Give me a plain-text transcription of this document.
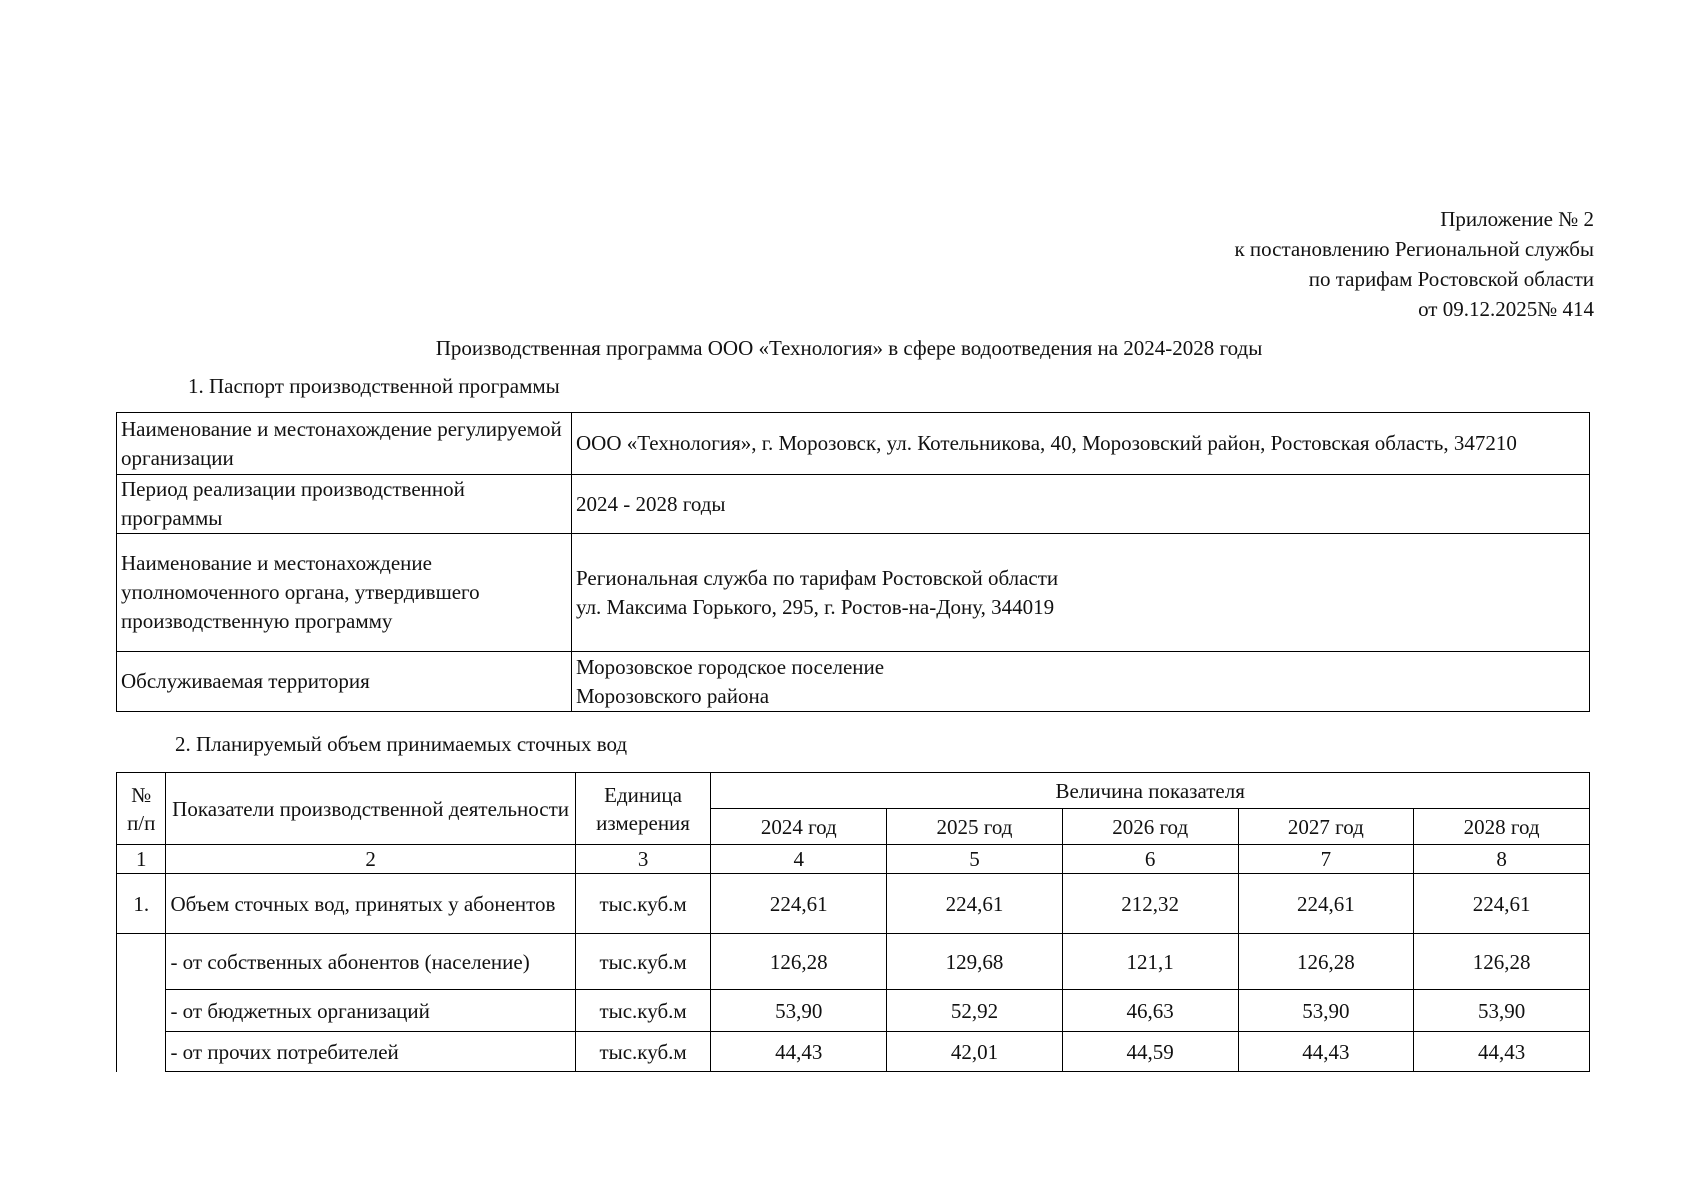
Приложение № 2
к постановлению Региональной службы
по тарифам Ростовской области
от 09.12.2025№ 414
Производственная программа ООО «Технология» в сфере водоотведения на 2024-2028 годы
1. Паспорт производственной программы
Наименование и местонахождение регулируемой организации	ООО «Технология», г. Морозовск, ул. Котельникова, 40, Морозовский район, Ростовская область, 347210
Период реализации производственной программы	2024 - 2028 годы
Наименование и местонахождение уполномоченного органа, утвердившего производственную программу	Региональная служба по тарифам Ростовской области
ул. Максима Горького, 295, г. Ростов-на-Дону, 344019

Обслуживаемая территория	Морозовское городское поселение
Морозовского района
2. Планируемый объем принимаемых сточных вод
№ п/п	Показатели производственной деятельности	Единица измерения	Величина показателя				
			2024 год	2025 год	2026 год	2027 год	2028 год
1	2	3	4	5	6	7	8
1.	Объем сточных вод, принятых у абонентов	тыс.куб.м	224,61	224,61	212,32	224,61	224,61
	- от собственных абонентов (население)	тыс.куб.м	126,28	129,68	121,1	126,28	126,28
	- от бюджетных организаций	тыс.куб.м	53,90	52,92	46,63	53,90	53,90
	- от прочих потребителей	тыс.куб.м	44,43	42,01	44,59	44,43	44,43
